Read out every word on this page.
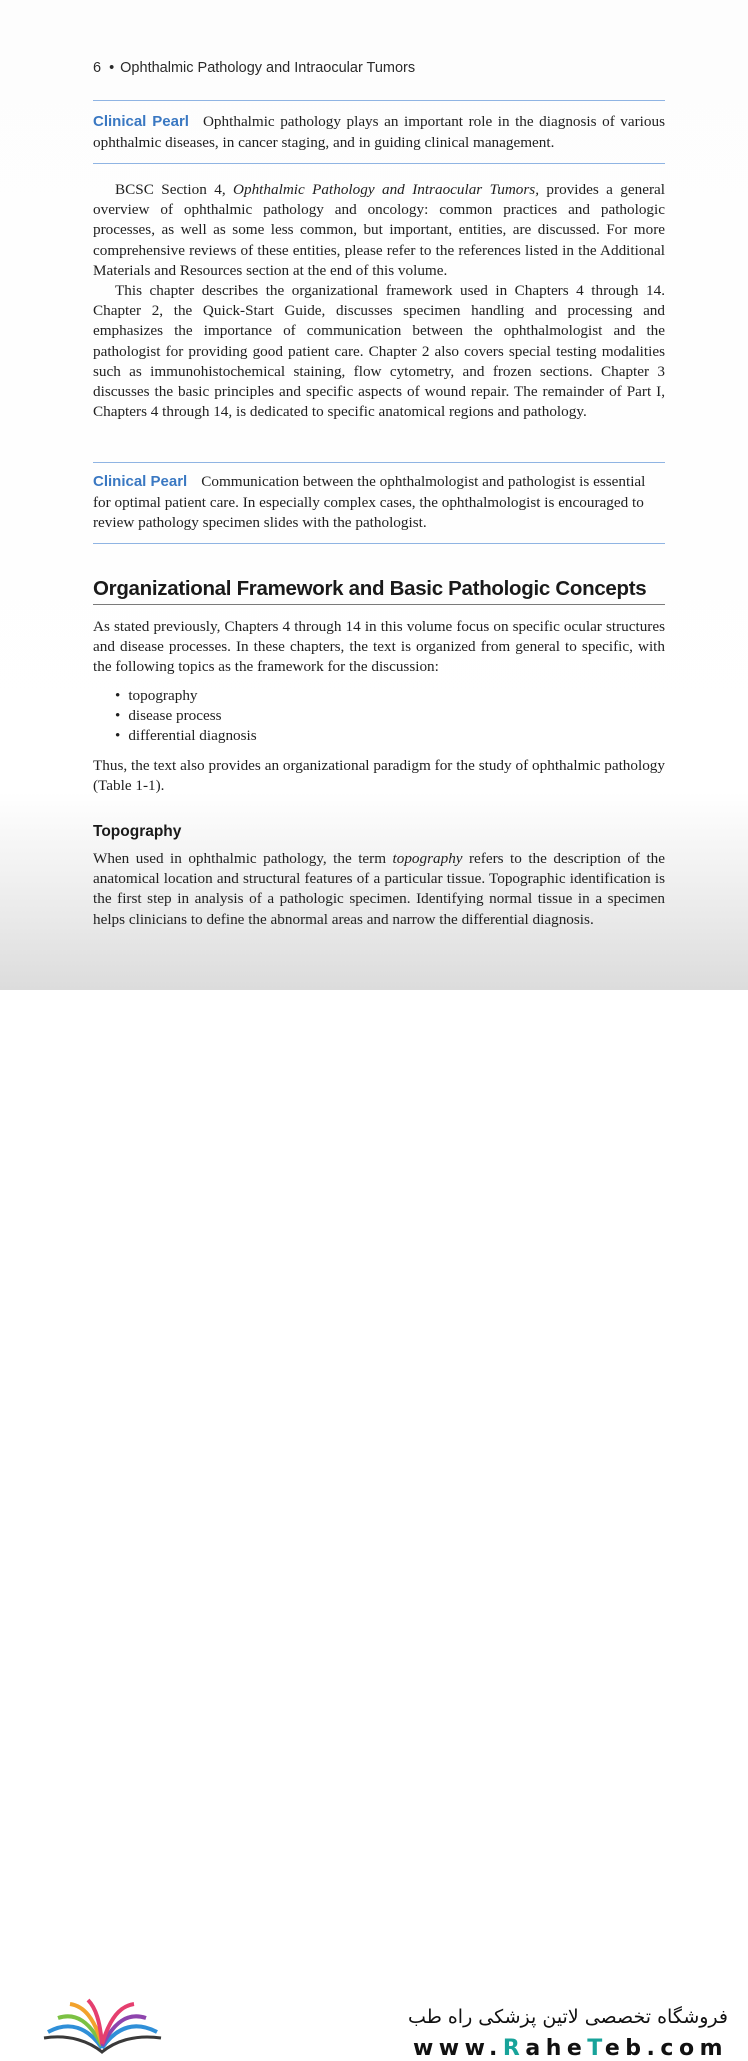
6 • Ophthalmic Pathology and Intraocular Tumors

Clinical Pearl Ophthalmic pathology plays an important role in the diagnosis of various ophthalmic diseases, in cancer staging, and in guiding clinical management.

BCSC Section 4, Ophthalmic Pathology and Intraocular Tumors, provides a general overview of ophthalmic pathology and oncology: common practices and pathologic processes, as well as some less common, but important, entities, are discussed. For more comprehensive reviews of these entities, please refer to the references listed in the Additional Materials and Resources section at the end of this volume.

This chapter describes the organizational framework used in Chapters 4 through 14. Chapter 2, the Quick-Start Guide, discusses specimen handling and processing and emphasizes the importance of communication between the ophthalmologist and the pathologist for providing good patient care. Chapter 2 also covers special testing modalities such as immunohistochemical staining, flow cytometry, and frozen sections. Chapter 3 discusses the basic principles and specific aspects of wound repair. The remainder of Part I, Chapters 4 through 14, is dedicated to specific anatomical regions and pathology.

Clinical Pearl Communication between the ophthalmologist and pathologist is essential for optimal patient care. In especially complex cases, the ophthalmologist is encouraged to review pathology specimen slides with the pathologist.

Organizational Framework and Basic Pathologic Concepts

As stated previously, Chapters 4 through 14 in this volume focus on specific ocular structures and disease processes. In these chapters, the text is organized from general to specific, with the following topics as the framework for the discussion:

• topography
• disease process
• differential diagnosis

Thus, the text also provides an organizational paradigm for the study of ophthalmic pathology (Table 1-1).

Topography

When used in ophthalmic pathology, the term topography refers to the description of the anatomical location and structural features of a particular tissue. Topographic identification is the first step in analysis of a pathologic specimen. Identifying normal tissue in a specimen helps clinicians to define the abnormal areas and narrow the differential diagnosis.

فروشگاه تخصصی لاتین پزشکی راه طب
www.RaheTeb.com
